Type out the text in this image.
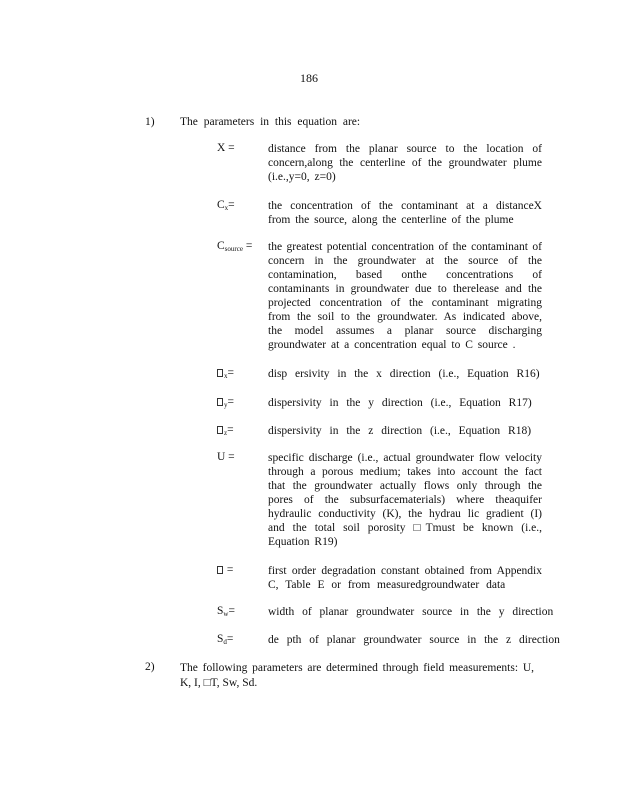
186
1) The parameters in this equation are:
X =	distance from the planar source to the location of
concern,along the centerline of the groundwater plume
(i.e.,y=0, z=0)
$C_x=$	the concentration of the contaminant at a distanceX
from the source, along the centerline of the plume
$C_{source}$ = the greatest potential concentration of the contaminant of
concern in the groundwater at the source of the
contamination, based onthe concentrations of
contaminants in groundwater due to therelease and the
projected concentration of the contaminant migrating
from the soil to the groundwater. As indicated above,
the model assumes a planar source discharging
groundwater at a concentration equal to C source .
$_x$=	disp ersivity in the x direction (i.e., Equation R16)
$_y$=	dispersivity in the y direction (i.e., Equation R17)
$_z$=	dispersivity in the z direction (i.e., Equation R18)
U =	specific discharge (i.e., actual groundwater flow velocity
through a porous medium; takes into account the fact
that the groundwater actually flows only through the
pores of the subsurfacematerials) where theaquifer
hydraulic conductivity (K), the hydrau lic gradient (I)
and the total soil porosity □Tmust be known (i.e.,
Equation R19)
=	first order degradation constant obtained from Appendix
C, Table E or from measuredgroundwater data
$S_w=$	width of planar groundwater source in the y direction
$S_d=$	de pth of planar groundwater source in the z direction
2) The following parameters are determined through field measurements: U,
K, I, □T, Sw, Sd.
